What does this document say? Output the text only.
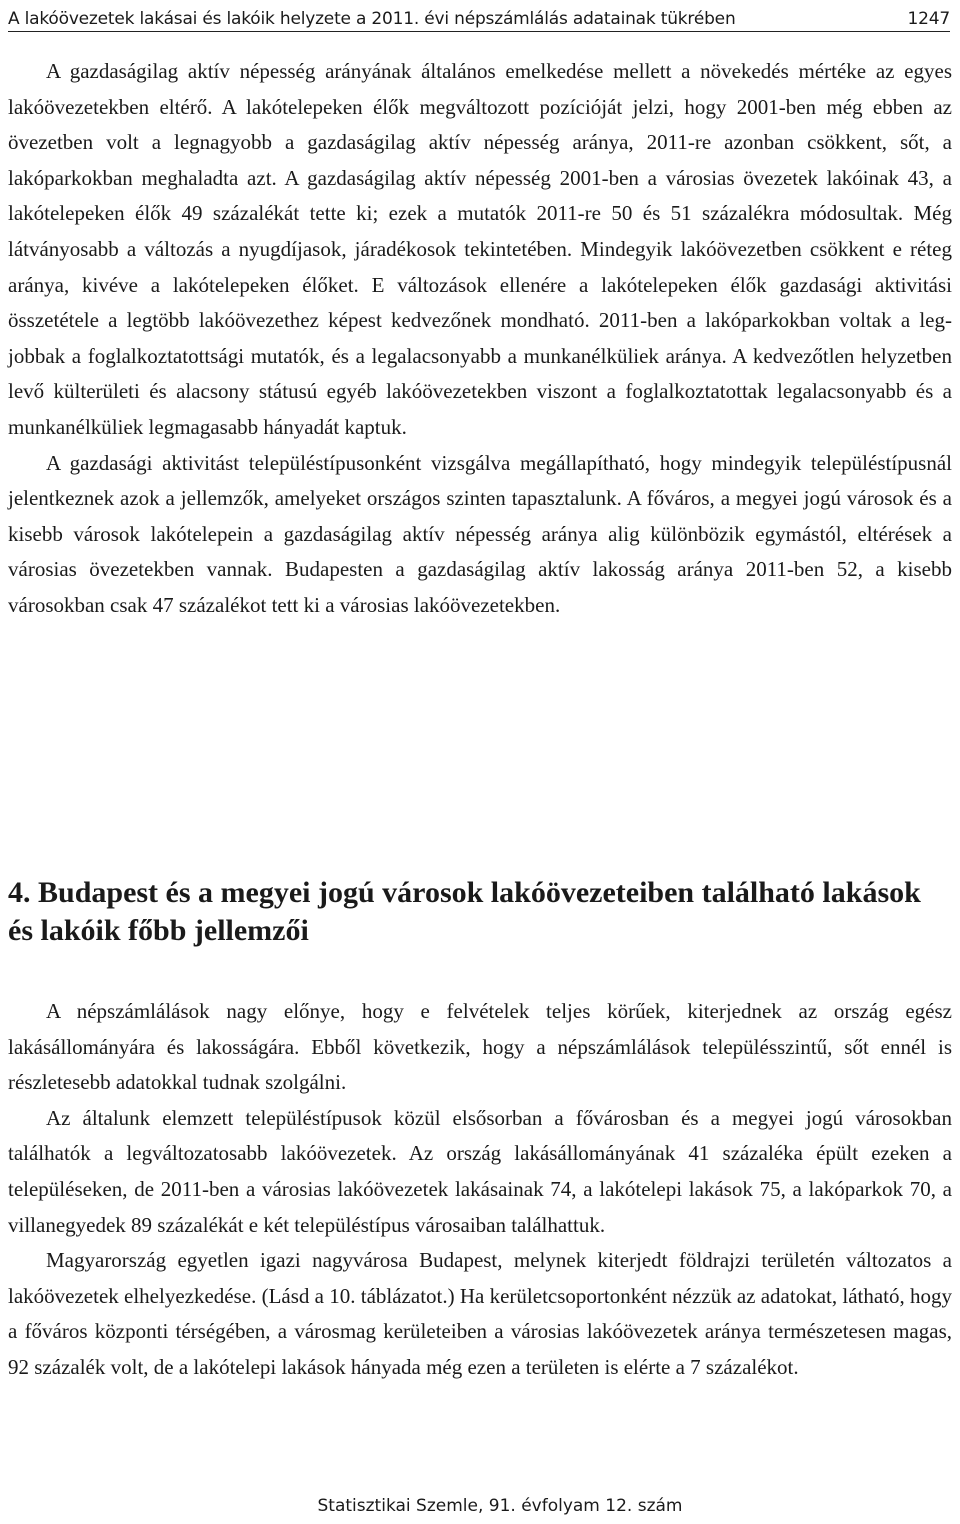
A lakóövezetek lakásai és lakóik helyzete a 2011. évi népszámlálás adatainak tükrében	1247

A gazdaságilag aktív népesség arányának általános emelkedése mellett a növekedés mértéke az egyes lakóövezetekben eltérő. A lakótelepeken élők megváltozott pozícióját jelzi, hogy 2001-ben még ebben az övezetben volt a legnagyobb a gazdaságilag aktív népesség aránya, 2011-re azonban csökkent, sőt, a lakóparkokban meghaladta azt. A gazdaságilag aktív népesség 2001-ben a városias övezetek lakóinak 43, a lakótelepeken élők 49 százalékát tette ki; ezek a mutatók 2011-re 50 és 51 százalékra módosultak. Még látványosabb a változás a nyugdíjasok, járadékosok tekintetében. Mindegyik lakóövezetben csökkent e réteg aránya, kivéve a lakótelepeken élőket. E változások ellenére a lakótelepeken élők gazdasági aktivitási összetétele a legtöbb lakóövezethez képest kedvezőnek mondható. 2011-ben a lakóparkokban voltak a legjobbak a foglalkoztatottsági mutatók, és a legalacsonyabb a munkanélküliek aránya. A kedvezőtlen helyzetben levő külterületi és alacsony státusú egyéb lakóövezetekben viszont a foglalkoztatottak legalacsonyabb és a munkanélküliek legmagasabb hányadát kaptuk.

A gazdasági aktivitást településtípusonként vizsgálva megállapítható, hogy mindegyik településtípusnál jelentkeznek azok a jellemzők, amelyeket országos szinten tapasztalunk. A főváros, a megyei jogú városok és a kisebb városok lakótelepein a gazdaságilag aktív népesség aránya alig különbözik egymástól, eltérések a városias övezetekben vannak. Budapesten a gazdaságilag aktív lakosság aránya 2011-ben 52, a kisebb városokban csak 47 százalékot tett ki a városias lakóövezetekben.

4. Budapest és a megyei jogú városok lakóövezeteiben található lakások és lakóik főbb jellemzői

A népszámlálások nagy előnye, hogy e felvételek teljes körűek, kiterjednek az ország egész lakásállományára és lakosságára. Ebből következik, hogy a népszámlálások településszintű, sőt ennél is részletesebb adatokkal tudnak szolgálni.

Az általunk elemzett településtípusok közül elsősorban a fővárosban és a megyei jogú városokban találhatók a legváltozatosabb lakóövezetek. Az ország lakásállományának 41 százaléka épült ezeken a településeken, de 2011-ben a városias lakóövezetek lakásainak 74, a lakótelepi lakások 75, a lakóparkok 70, a villanegyedek 89 százalékát e két településtípus városaiban találhattuk.

Magyarország egyetlen igazi nagyvárosa Budapest, melynek kiterjedt földrajzi területén változatos a lakóövezetek elhelyezkedése. (Lásd a 10. táblázatot.) Ha kerületcsoportonként nézzük az adatokat, látható, hogy a főváros központi térségében, a városmag kerületeiben a városias lakóövezetek aránya természetesen magas, 92 százalék volt, de a lakótelepi lakások hányada még ezen a területen is elérte a 7 százalékot.

Statisztikai Szemle, 91. évfolyam 12. szám
